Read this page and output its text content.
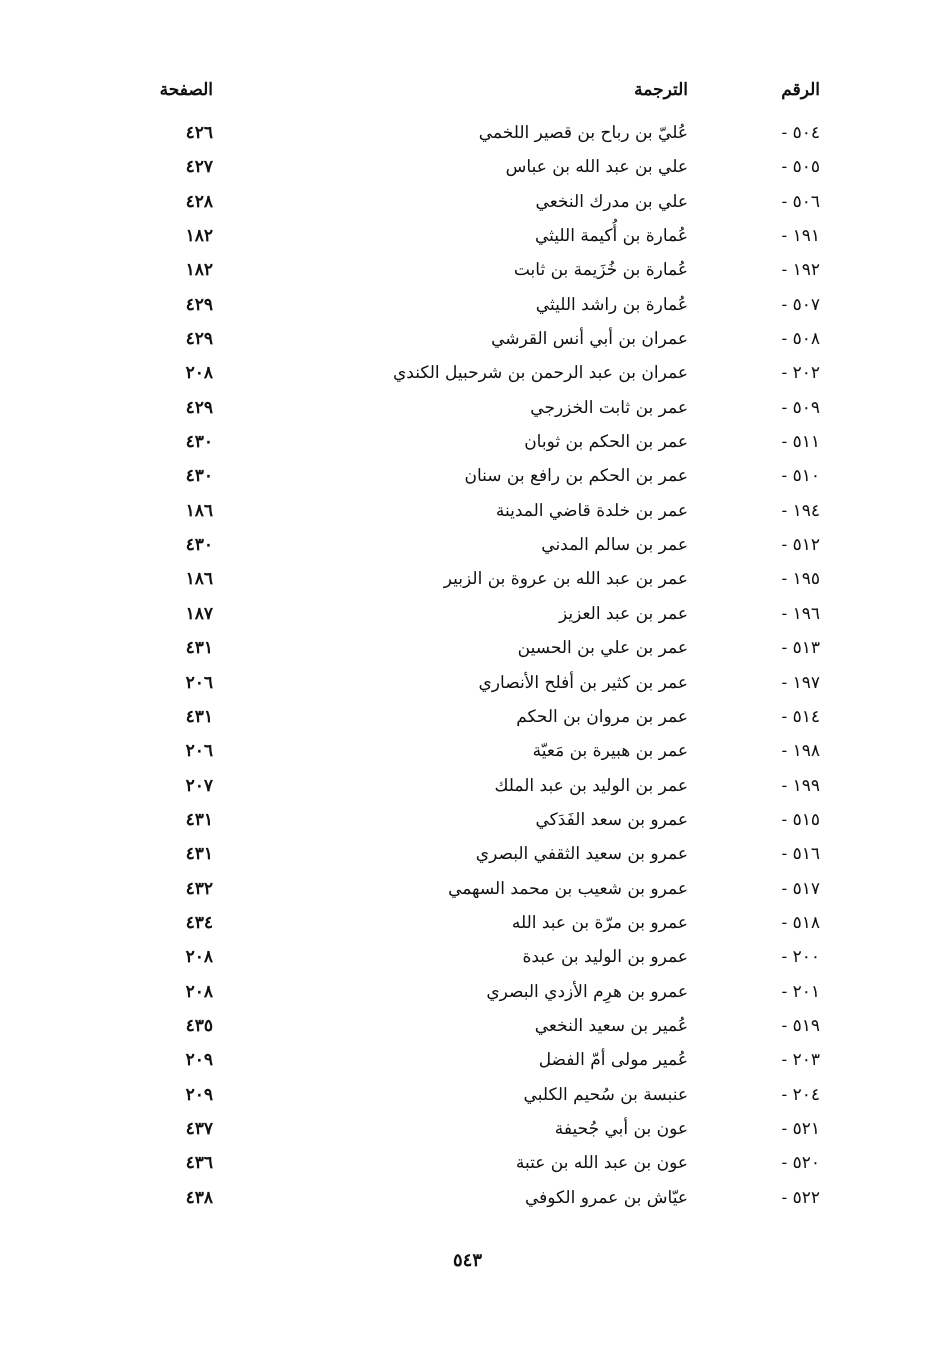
الرقم
الترجمة
الصفحة
٥٠٤ -
عُليّ بن رباح بن قصير اللخمي
٤٢٦
٥٠٥ -
علي بن عبد الله بن عباس
٤٢٧
٥٠٦ -
علي بن مدرك النخعي
٤٢٨
١٩١ -
عُمارة بن أُكيمة الليثي
١٨٢
١٩٢ -
عُمارة بن خُزَيمة بن ثابت
١٨٢
٥٠٧ -
عُمارة بن راشد الليثي
٤٢٩
٥٠٨ -
عمران بن أبي أنس القرشي
٤٢٩
٢٠٢ -
عمران بن عبد الرحمن بن شرحبيل الكندي
٢٠٨
٥٠٩ -
عمر بن ثابت الخزرجي
٤٢٩
٥١١ -
عمر بن الحكم بن ثوبان
٤٣٠
٥١٠ -
عمر بن الحكم بن رافع بن سنان
٤٣٠
١٩٤ -
عمر بن خلدة قاضي المدينة
١٨٦
٥١٢ -
عمر بن سالم المدني
٤٣٠
١٩٥ -
عمر بن عبد الله بن عروة بن الزبير
١٨٦
١٩٦ -
عمر بن عبد العزيز
١٨٧
٥١٣ -
عمر بن علي بن الحسين
٤٣١
١٩٧ -
عمر بن كثير بن أفلح الأنصاري
٢٠٦
٥١٤ -
عمر بن مروان بن الحكم
٤٣١
١٩٨ -
عمر بن هبيرة بن مَعيّة
٢٠٦
١٩٩ -
عمر بن الوليد بن عبد الملك
٢٠٧
٥١٥ -
عمرو بن سعد الفَدَكي
٤٣١
٥١٦ -
عمرو بن سعيد الثقفي البصري
٤٣١
٥١٧ -
عمرو بن شعيب بن محمد السهمي
٤٣٢
٥١٨ -
عمرو بن مرّة بن عبد الله
٤٣٤
٢٠٠ -
عمرو بن الوليد بن عبدة
٢٠٨
٢٠١ -
عمرو بن هرِم الأزدي البصري
٢٠٨
٥١٩ -
عُمير بن سعيد النخعي
٤٣٥
٢٠٣ -
عُمير مولى أمّ الفضل
٢٠٩
٢٠٤ -
عنبسة بن سُحيم الكلبي
٢٠٩
٥٢١ -
عون بن أبي جُحيفة
٤٣٧
٥٢٠ -
عون بن عبد الله بن عتبة
٤٣٦
٥٢٢ -
عيّاش بن عمرو الكوفي
٤٣٨
٥٤٣
